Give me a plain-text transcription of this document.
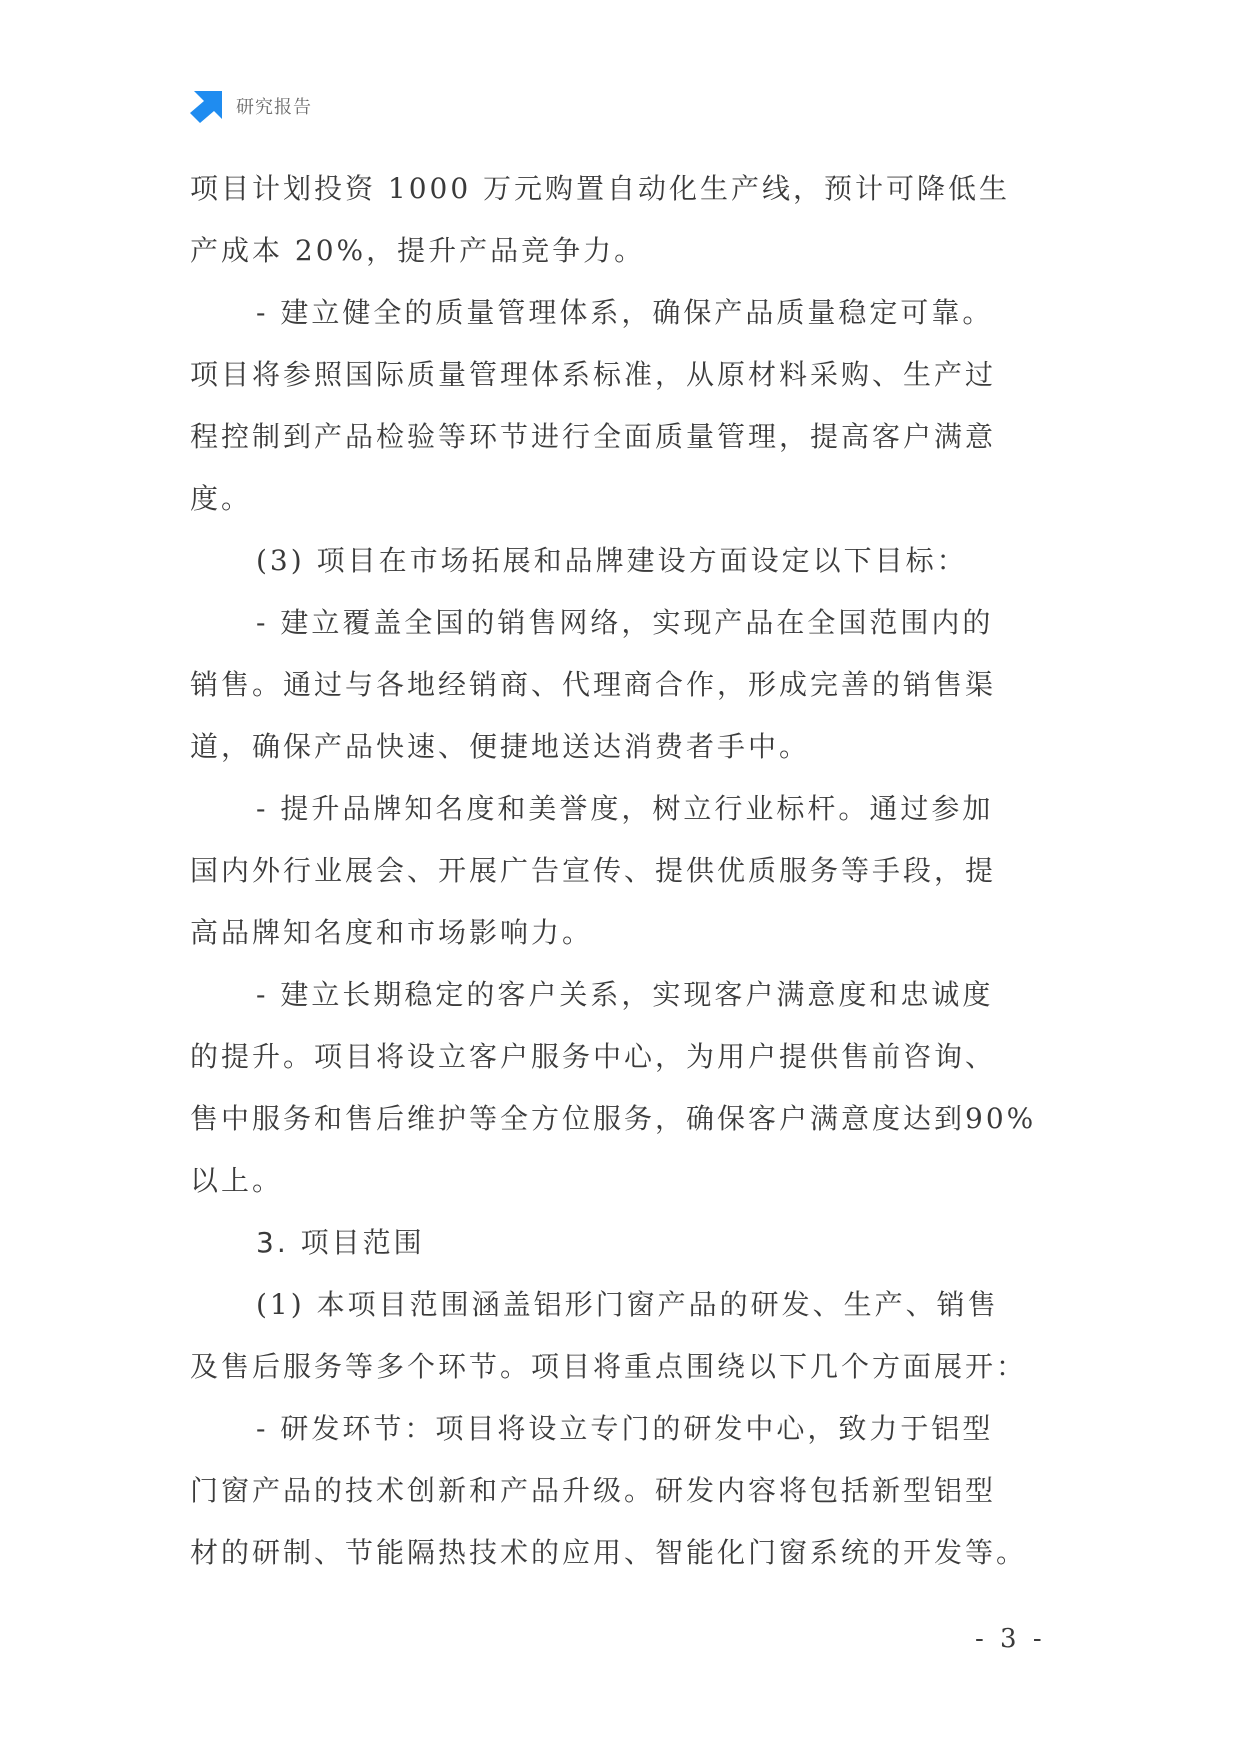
研究报告
项目计划投资 1000 万元购置自动化生产线，预计可降低生
产成本 20%，提升产品竞争力。
- 建立健全的质量管理体系，确保产品质量稳定可靠。
项目将参照国际质量管理体系标准，从原材料采购、生产过
程控制到产品检验等环节进行全面质量管理，提高客户满意
度。
(3) 项目在市场拓展和品牌建设方面设定以下目标：
- 建立覆盖全国的销售网络，实现产品在全国范围内的
销售。通过与各地经销商、代理商合作，形成完善的销售渠
道，确保产品快速、便捷地送达消费者手中。
- 提升品牌知名度和美誉度，树立行业标杆。通过参加
国内外行业展会、开展广告宣传、提供优质服务等手段，提
高品牌知名度和市场影响力。
- 建立长期稳定的客户关系，实现客户满意度和忠诚度
的提升。项目将设立客户服务中心，为用户提供售前咨询、
售中服务和售后维护等全方位服务，确保客户满意度达到90%
以上。
3. 项目范围
(1) 本项目范围涵盖铝形门窗产品的研发、生产、销售
及售后服务等多个环节。项目将重点围绕以下几个方面展开：
- 研发环节：项目将设立专门的研发中心，致力于铝型
门窗产品的技术创新和产品升级。研发内容将包括新型铝型
材的研制、节能隔热技术的应用、智能化门窗系统的开发等。
- 3 -
